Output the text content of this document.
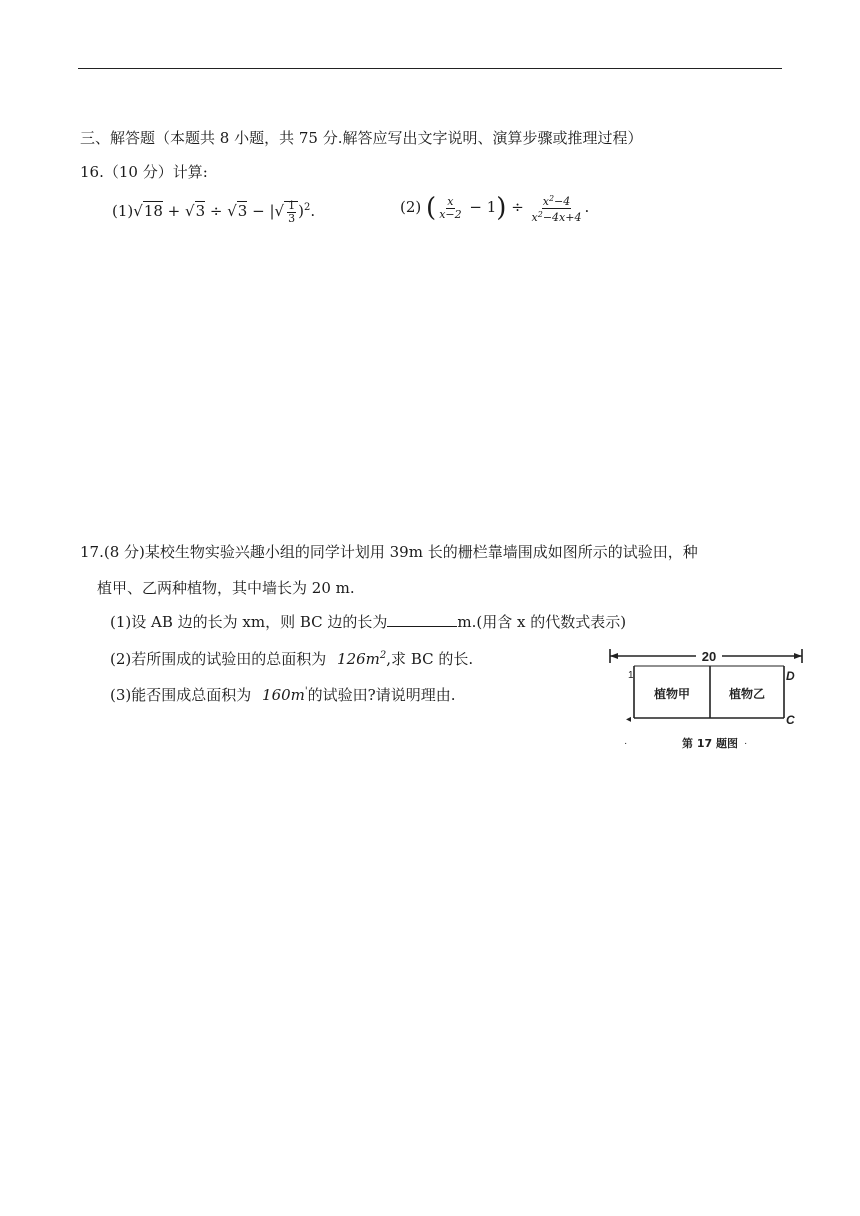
三、解答题（本题共 8 小题，共 75 分.解答应写出文字说明、演算步骤或推理过程）
16.（10 分）计算:
(1)√18 + √3 ÷ √3 − |√ $\frac{1}{3} )^2$.	(2) ( $\frac{x}{x-2} - 1) \div \frac{x^2-4}{x^2-4x+4}$ .
17.(8 分)某校生物实验兴趣小组的同学计划用 39m 长的栅栏靠墙围成如图所示的试验田，种
植甲、乙两种植物，其中墙长为 20 m.
(1)设 AB 边的长为 xm，则 BC 边的长为	m.(用含 x 的代数式表示)
(2)若所围成的试验田的总面积为 $126m^2$,求 BC 的长.
(3)能否围成总面积为 160m'的试验田?请说明理由.
20
1	D
C
◂
植物甲	植物乙
·	第 17 题图 ·
